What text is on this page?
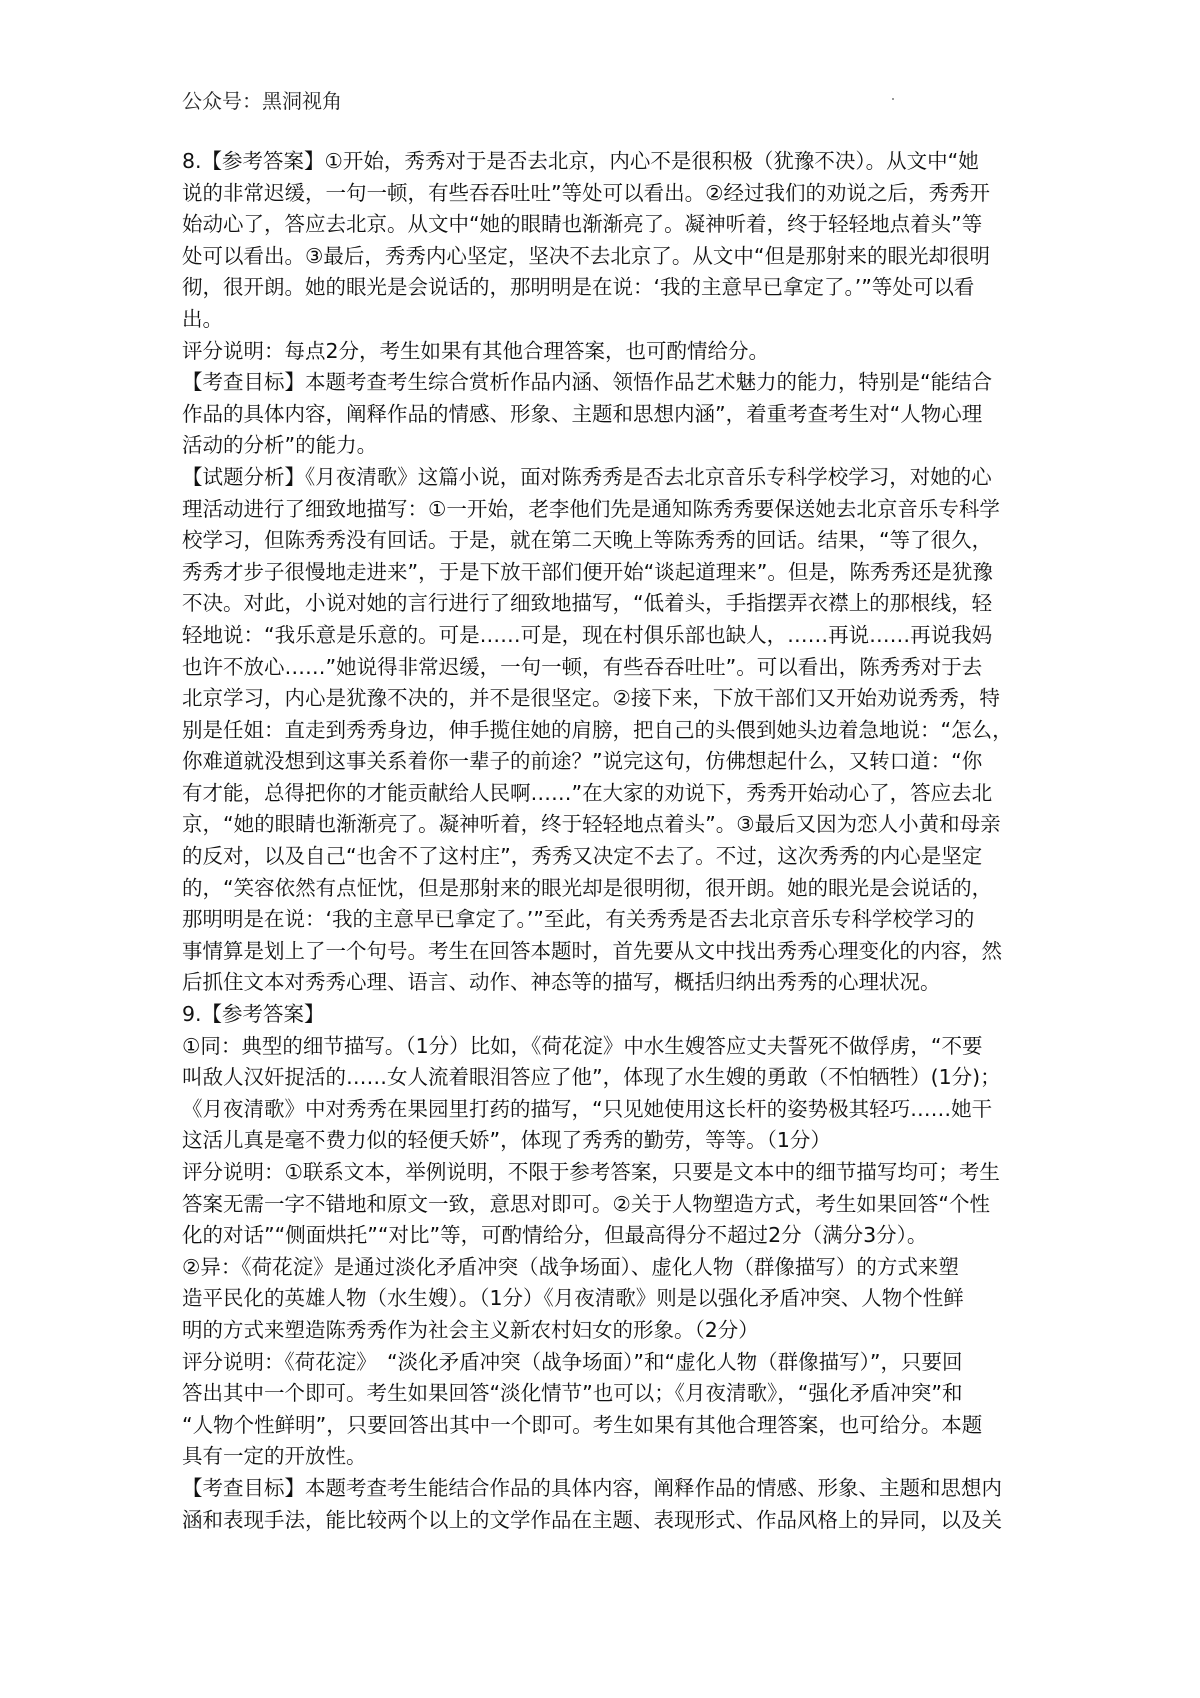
公众号：黑洞视角
8.【参考答案】①开始，秀秀对于是否去北京，内心不是很积极（犹豫不决）。从文中“她
说的非常迟缓，一句一顿，有些吞吞吐吐”等处可以看出。②经过我们的劝说之后，秀秀开
始动心了，答应去北京。从文中“她的眼睛也渐渐亮了。凝神听着，终于轻轻地点着头”等
处可以看出。③最后，秀秀内心坚定，坚决不去北京了。从文中“但是那射来的眼光却很明
彻，很开朗。她的眼光是会说话的，那明明是在说：‘我的主意早已拿定了。’”等处可以看
出。
评分说明：每点2分，考生如果有其他合理答案，也可酌情给分。
【考查目标】本题考查考生综合赏析作品内涵、领悟作品艺术魅力的能力，特别是“能结合
作品的具体内容，阐释作品的情感、形象、主题和思想内涵”，着重考查考生对“人物心理
活动的分析”的能力。
【试题分析】《月夜清歌》这篇小说，面对陈秀秀是否去北京音乐专科学校学习，对她的心
理活动进行了细致地描写：①一开始，老李他们先是通知陈秀秀要保送她去北京音乐专科学
校学习，但陈秀秀没有回话。于是，就在第二天晚上等陈秀秀的回话。结果，“等了很久，
秀秀才步子很慢地走进来”，于是下放干部们便开始“谈起道理来”。但是，陈秀秀还是犹豫
不决。对此，小说对她的言行进行了细致地描写，“低着头，手指摆弄衣襟上的那根线，轻
轻地说：“我乐意是乐意的。可是……可是，现在村俱乐部也缺人，……再说……再说我妈
也许不放心……”她说得非常迟缓，一句一顿，有些吞吞吐吐”。可以看出，陈秀秀对于去
北京学习，内心是犹豫不决的，并不是很坚定。②接下来，下放干部们又开始劝说秀秀，特
别是任姐：直走到秀秀身边，伸手揽住她的肩膀，把自己的头偎到她头边着急地说：“怎么，
你难道就没想到这事关系着你一辈子的前途？”说完这句，仿佛想起什么，又转口道：“你
有才能，总得把你的才能贡献给人民啊……”在大家的劝说下，秀秀开始动心了，答应去北
京，“她的眼睛也渐渐亮了。凝神听着，终于轻轻地点着头”。③最后又因为恋人小黄和母亲
的反对，以及自己“也舍不了这村庄”，秀秀又决定不去了。不过，这次秀秀的内心是坚定
的，“笑容依然有点怔忱，但是那射来的眼光却是很明彻，很开朗。她的眼光是会说话的，
那明明是在说：‘我的主意早已拿定了。’”至此，有关秀秀是否去北京音乐专科学校学习的
事情算是划上了一个句号。考生在回答本题时，首先要从文中找出秀秀心理变化的内容，然
后抓住文本对秀秀心理、语言、动作、神态等的描写，概括归纳出秀秀的心理状况。
9.【参考答案】
①同：典型的细节描写。（1分）比如，《荷花淀》中水生嫂答应丈夫誓死不做俘虏，“不要
叫敌人汉奸捉活的……女人流着眼泪答应了他”，体现了水生嫂的勇敢（不怕牺牲）(1分)；
《月夜清歌》中对秀秀在果园里打药的描写，“只见她使用这长杆的姿势极其轻巧……她干
这活儿真是毫不费力似的轻便夭娇”，体现了秀秀的勤劳，等等。（1分）
评分说明：①联系文本，举例说明，不限于参考答案，只要是文本中的细节描写均可；考生
答案无需一字不错地和原文一致，意思对即可。②关于人物塑造方式，考生如果回答“个性
化的对话”“侧面烘托”“对比”等，可酌情给分，但最高得分不超过2分（满分3分）。
②异：《荷花淀》是通过淡化矛盾冲突（战争场面）、虚化人物（群像描写）的方式来塑
造平民化的英雄人物（水生嫂）。（1分）《月夜清歌》则是以强化矛盾冲突、人物个性鲜
明的方式来塑造陈秀秀作为社会主义新农村妇女的形象。（2分）
评分说明：《荷花淀》　“淡化矛盾冲突（战争场面）”和“虚化人物（群像描写）”，只要回
答出其中一个即可。考生如果回答“淡化情节”也可以；《月夜清歌》，“强化矛盾冲突”和
“人物个性鲜明”，只要回答出其中一个即可。考生如果有其他合理答案，也可给分。本题
具有一定的开放性。
【考查目标】本题考查考生能结合作品的具体内容，阐释作品的情感、形象、主题和思想内
涵和表现手法，能比较两个以上的文学作品在主题、表现形式、作品风格上的异同，以及关
